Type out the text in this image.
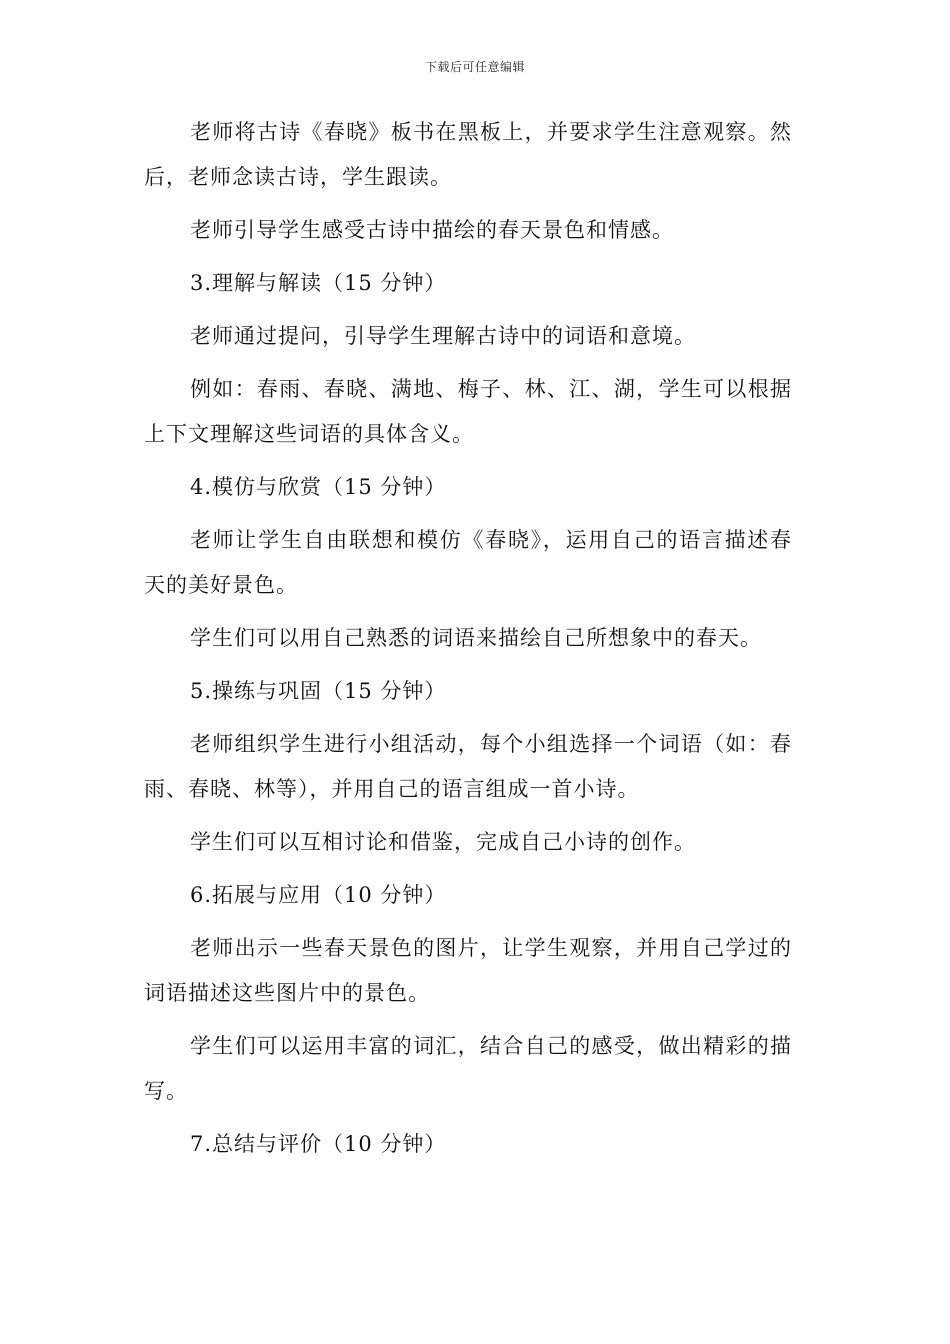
下载后可任意编辑

老师将古诗《春晓》板书在黑板上，并要求学生注意观察。然后，老师念读古诗，学生跟读。

老师引导学生感受古诗中描绘的春天景色和情感。

3.理解与解读（15 分钟）

老师通过提问，引导学生理解古诗中的词语和意境。

例如：春雨、春晓、满地、梅子、林、江、湖，学生可以根据上下文理解这些词语的具体含义。

4.模仿与欣赏（15 分钟）

老师让学生自由联想和模仿《春晓》，运用自己的语言描述春天的美好景色。

学生们可以用自己熟悉的词语来描绘自己所想象中的春天。

5.操练与巩固（15 分钟）

老师组织学生进行小组活动，每个小组选择一个词语（如：春雨、春晓、林等），并用自己的语言组成一首小诗。

学生们可以互相讨论和借鉴，完成自己小诗的创作。

6.拓展与应用（10 分钟）

老师出示一些春天景色的图片，让学生观察，并用自己学过的词语描述这些图片中的景色。

学生们可以运用丰富的词汇，结合自己的感受，做出精彩的描写。

7.总结与评价（10 分钟）
